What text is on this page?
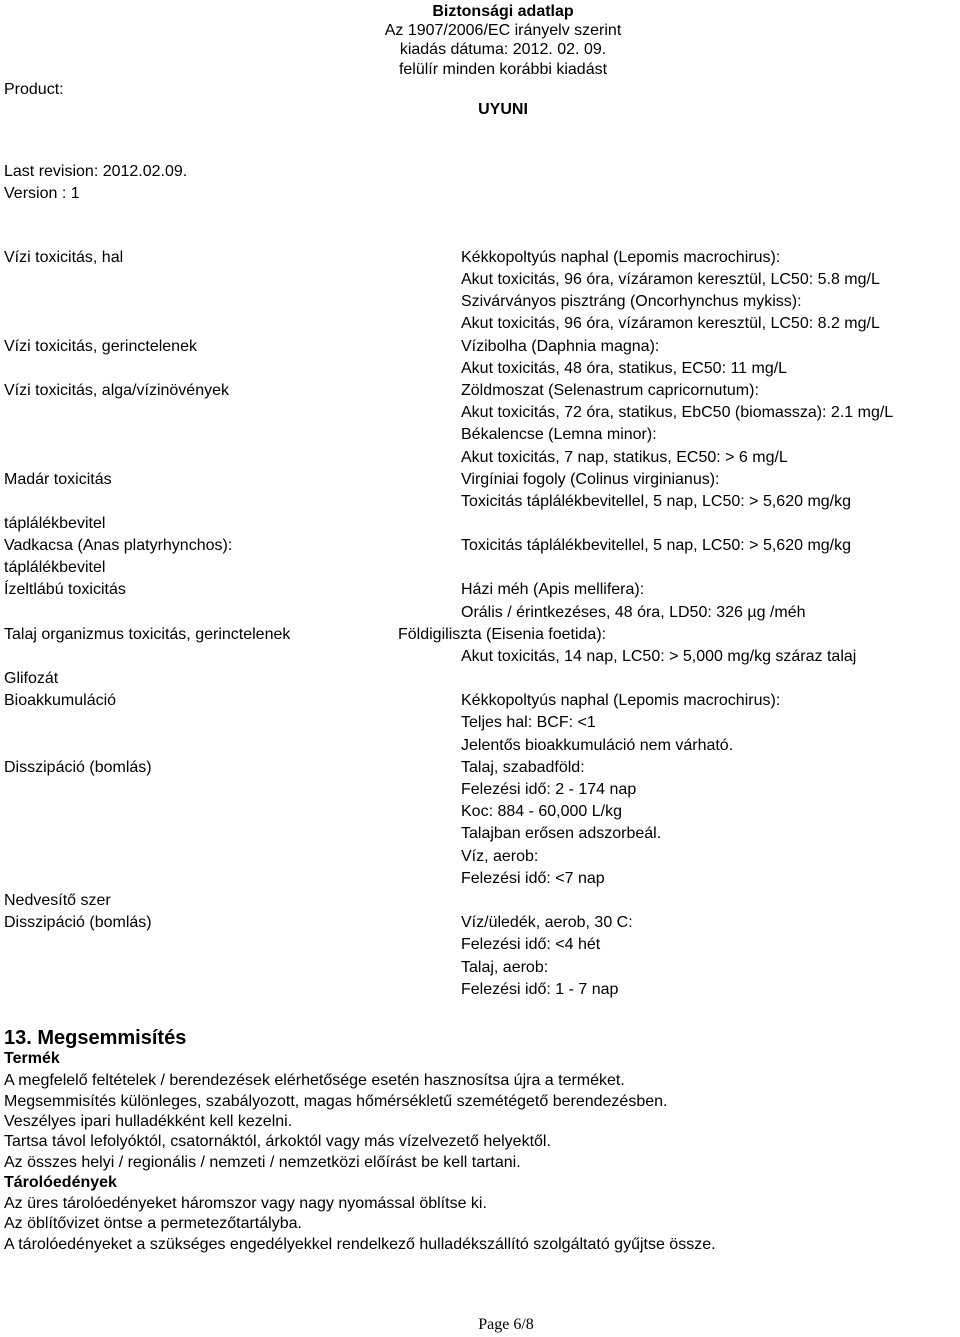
Biztonsági adatlap
Az 1907/2006/EC irányelv szerint
kiadás dátuma: 2012. 02. 09.
felülír minden korábbi kiadást
Product:
UYUNI
Last revision: 2012.02.09.
Version : 1
Vízi toxicitás, hal
Vízi toxicitás, gerinctelenek
Vízi toxicitás, alga/vízinövények
Madár toxicitás
táplálékbevitel
Vadkacsa (Anas platyrhynchos):
táplálékbevitel
Ízeltlábú toxicitás
Talaj organizmus toxicitás, gerinctelenek
Glifozát
Bioakkumuláció
Disszipáció (bomlás)
Nedvesítő szer
Disszipáció (bomlás)
Kékkopoltyús naphal (Lepomis macrochirus):
Akut toxicitás, 96 óra, vízáramon keresztül, LC50: 5.8 mg/L
Szivárványos pisztráng (Oncorhynchus mykiss):
Akut toxicitás, 96 óra, vízáramon keresztül, LC50: 8.2 mg/L
Vízibolha (Daphnia magna):
Akut toxicitás, 48 óra, statikus, EC50: 11 mg/L
Zöldmoszat (Selenastrum capricornutum):
Akut toxicitás, 72 óra, statikus, EbC50 (biomassza): 2.1 mg/L
Békalencse (Lemna minor):
Akut toxicitás, 7 nap, statikus, EC50: > 6 mg/L
Virgíniai fogoly (Colinus virginianus):
Toxicitás táplálékbevitellel, 5 nap, LC50: > 5,620 mg/kg
Toxicitás táplálékbevitellel, 5 nap, LC50: > 5,620 mg/kg
Házi méh (Apis mellifera):
Orális / érintkezéses, 48 óra, LD50: 326 µg /méh
Földigiliszta (Eisenia foetida):
Akut toxicitás, 14 nap, LC50: > 5,000 mg/kg száraz talaj
Kékkopoltyús naphal (Lepomis macrochirus):
Teljes hal: BCF: <1
Jelentős bioakkumuláció nem várható.
Talaj, szabadföld:
Felezési idő: 2 - 174 nap
Koc: 884 - 60,000 L/kg
Talajban erősen adszorbeál.
Víz, aerob:
Felezési idő: <7 nap
Víz/üledék, aerob, 30 C:
Felezési idő: <4 hét
Talaj, aerob:
Felezési idő: 1 - 7 nap
13. Megsemmisítés
Termék
A megfelelő feltételek / berendezések elérhetősége esetén hasznosítsa újra a terméket.
Megsemmisítés különleges, szabályozott, magas hőmérsékletű szemétégető berendezésben.
Veszélyes ipari hulladékként kell kezelni.
Tartsa távol lefolyóktól, csatornáktól, árkoktól vagy más vízelvezető helyektől.
Az összes helyi / regionális / nemzeti / nemzetközi előírást be kell tartani.
Tárolóedények
Az üres tárolóedényeket háromszor vagy nagy nyomással öblítse ki.
Az öblítővizet öntse a permetezőtartályba.
A tárolóedényeket a szükséges engedélyekkel rendelkező hulladékszállító szolgáltató gyűjtse össze.
Page 6/8
